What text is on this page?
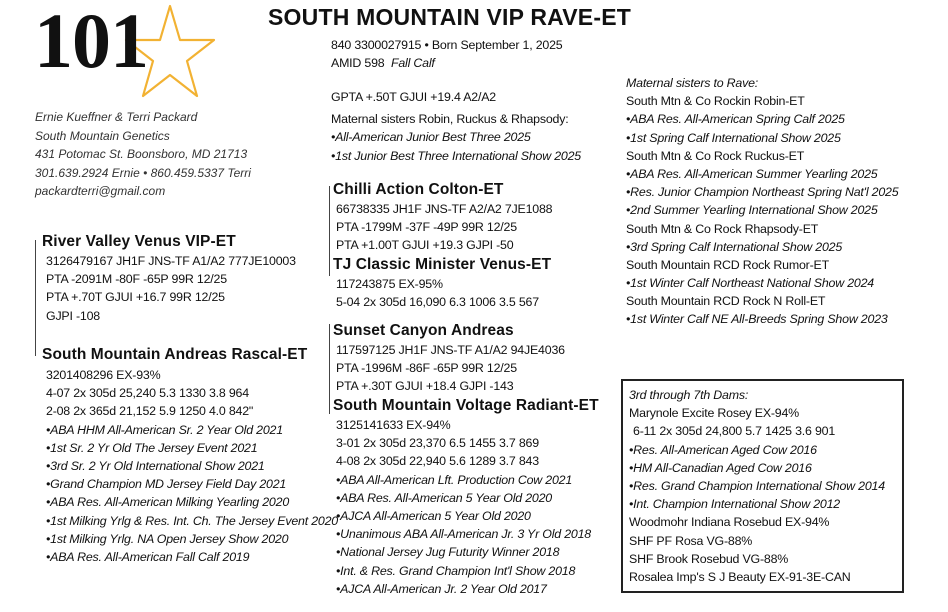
101	SOUTH MOUNTAIN VIP RAVE-ET
840 3300027915 • Born September 1, 2025
AMID 598 Fall Calf
Ernie Kueffner & Terri Packard
South Mountain Genetics
431 Potomac St. Boonsboro, MD 21713
301.639.2924 Ernie • 860.459.5337 Terri
packardterri@gmail.com
GPTA +.50T GJUI +19.4 A2/A2
Maternal sisters Robin, Ruckus & Rhapsody:
•All-American Junior Best Three 2025
•1st Junior Best Three International Show 2025
River Valley Venus VIP-ET
3126479167 JH1F JNS-TF A1/A2 777JE10003
PTA -2091M -80F -65P 99R 12/25
PTA +.70T GJUI +16.7 99R 12/25
GJPI -108
South Mountain Andreas Rascal-ET
3201408296 EX-93%
4-07 2x 305d 25,240 5.3 1330 3.8 964
2-08 2x 365d 21,152 5.9 1250 4.0 842"
•ABA HHM All-American Sr. 2 Year Old 2021
•1st Sr. 2 Yr Old The Jersey Event 2021
•3rd Sr. 2 Yr Old International Show 2021
•Grand Champion MD Jersey Field Day 2021
•ABA Res. All-American Milking Yearling 2020
•1st Milking Yrlg & Res. Int. Ch. The Jersey Event 2020
•1st Milking Yrlg. NA Open Jersey Show 2020
•ABA Res. All-American Fall Calf 2019
Chilli Action Colton-ET
66738335 JH1F JNS-TF A2/A2 7JE1088
PTA -1799M -37F -49P 99R 12/25
PTA +1.00T GJUI +19.3 GJPI -50
TJ Classic Minister Venus-ET
117243875 EX-95%
5-04 2x 305d 16,090 6.3 1006 3.5 567
Sunset Canyon Andreas
117597125 JH1F JNS-TF A1/A2 94JE4036
PTA -1996M -86F -65P 99R 12/25
PTA +.30T GJUI +18.4 GJPI -143
South Mountain Voltage Radiant-ET
3125141633 EX-94%
3-01 2x 305d 23,370 6.5 1455 3.7 869
4-08 2x 305d 22,940 5.6 1289 3.7 843
•ABA All-American Lft. Production Cow 2021
•ABA Res. All-American 5 Year Old 2020
•AJCA All-American 5 Year Old 2020
•Unanimous ABA All-American Jr. 3 Yr Old 2018
•National Jersey Jug Futurity Winner 2018
•Int. & Res. Grand Champion Int'l Show 2018
•AJCA All-American Jr. 2 Year Old 2017
Maternal sisters to Rave:
South Mtn & Co Rockin Robin-ET
•ABA Res. All-American Spring Calf 2025
•1st Spring Calf International Show 2025
South Mtn & Co Rock Ruckus-ET
•ABA Res. All-American Summer Yearling 2025
•Res. Junior Champion Northeast Spring Nat'l 2025
•2nd Summer Yearling International Show 2025
South Mtn & Co Rock Rhapsody-ET
•3rd Spring Calf International Show 2025
South Mountain RCD Rock Rumor-ET
•1st Winter Calf Northeast National Show 2024
South Mountain RCD Rock N Roll-ET
•1st Winter Calf NE All-Breeds Spring Show 2023
3rd through 7th Dams:
Marynole Excite Rosey EX-94%
6-11 2x 305d 24,800 5.7 1425 3.6 901
•Res. All-American Aged Cow 2016
•HM All-Canadian Aged Cow 2016
•Res. Grand Champion International Show 2014
•Int. Champion International Show 2012
Woodmohr Indiana Rosebud EX-94%
SHF PF Rosa VG-88%
SHF Brook Rosebud VG-88%
Rosalea Imp's S J Beauty EX-91-3E-CAN
